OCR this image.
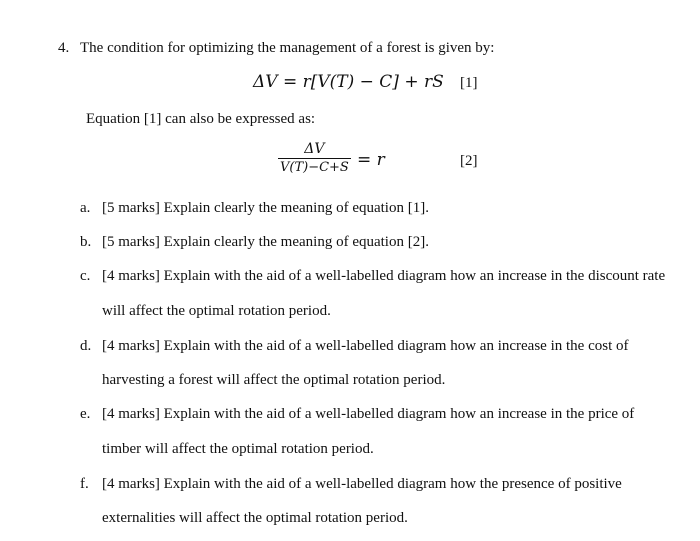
4. The condition for optimizing the management of a forest is given by:
ΔV = r[V(T) − C] + rS [1]
Equation [1] can also be expressed as:
ΔV
V(T)−C+S = r	[2]
a. [5 marks] Explain clearly the meaning of equation [1].
b. [5 marks] Explain clearly the meaning of equation [2].
c. [4 marks] Explain with the aid of a well-labelled diagram how an increase in the discount rate
will affect the optimal rotation period.
d. [4 marks] Explain with the aid of a well-labelled diagram how an increase in the cost of
harvesting a forest will affect the optimal rotation period.
e. [4 marks] Explain with the aid of a well-labelled diagram how an increase in the price of
timber will affect the optimal rotation period.
f. [4 marks] Explain with the aid of a well-labelled diagram how the presence of positive
externalities will affect the optimal rotation period.
